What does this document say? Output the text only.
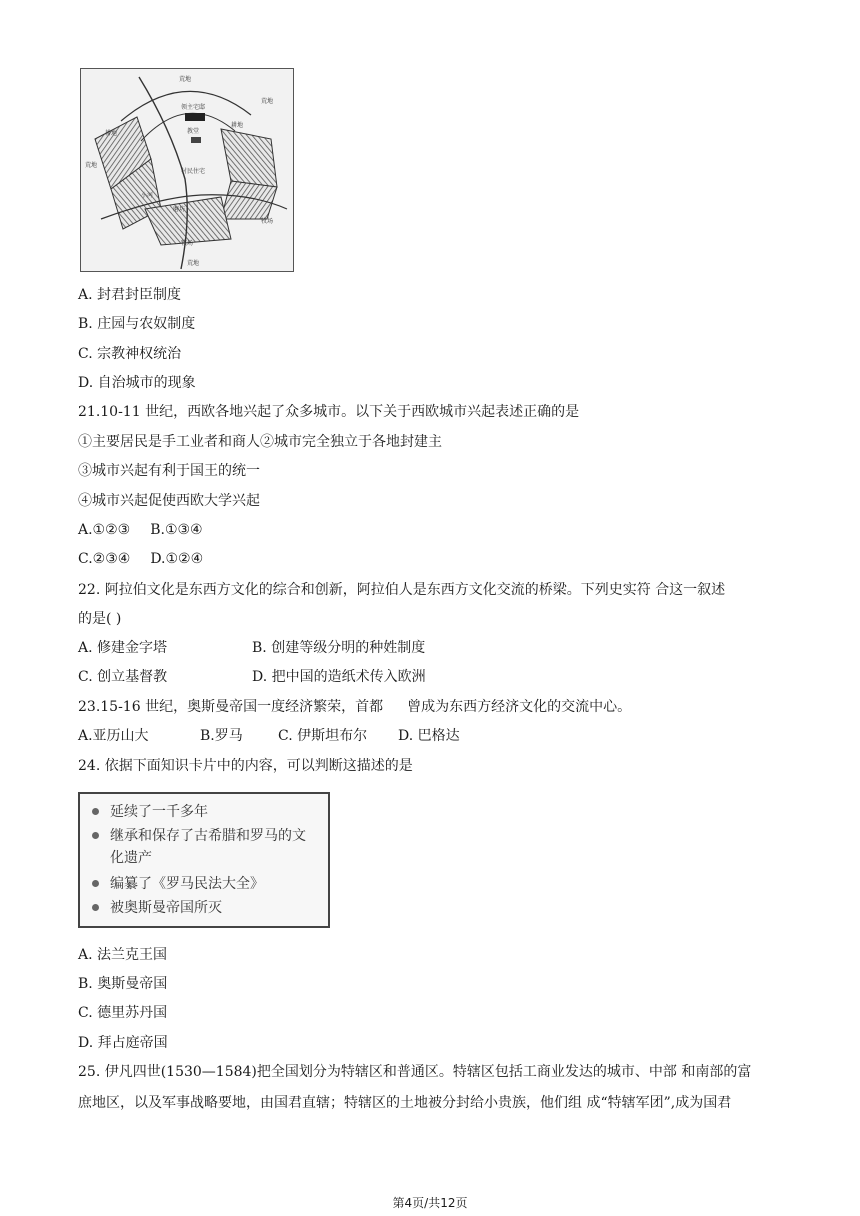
荒地
荒地
荒地
牧场
荒地
牧场
领主宅邸
教堂
耕地
耕地
村民住宅
小河
磨坊
A. 封君封臣制度
B. 庄园与农奴制度
C. 宗教神权统治
D. 自治城市的现象
21.10-11 世纪，西欧各地兴起了众多城市。以下关于西欧城市兴起表述正确的是
①主要居民是手工业者和商人②城市完全独立于各地封建主
③城市兴起有利于国王的统一
④城市兴起促使西欧大学兴起
A.①②③ B.①③④
C.②③④ D.①②④
22. 阿拉伯文化是东西方文化的综合和创新，阿拉伯人是东西方文化交流的桥梁。下列史实符 合这一叙述
的是( )
A. 修建金字塔	B. 创建等级分明的种姓制度
C. 创立基督教	D. 把中国的造纸术传入欧洲
23.15-16 世纪，奥斯曼帝国一度经济繁荣，首都 曾成为东西方经济文化的交流中心。
A.亚历山大	B.罗马	C. 伊斯坦布尔 D. 巴格达
24. 依据下面知识卡片中的内容，可以判断这描述的是
延续了一千多年
继承和保存了古希腊和罗马的文
化遗产
编纂了《罗马民法大全》
被奥斯曼帝国所灭
A. 法兰克王国
B. 奥斯曼帝国
C. 德里苏丹国
D. 拜占庭帝国
25. 伊凡四世(1530—1584)把全国划分为特辖区和普通区。特辖区包括工商业发达的城市、中部 和南部的富
庶地区，以及军事战略要地，由国君直辖；特辖区的土地被分封给小贵族，他们组 成“特辖军团”,成为国君
第4页/共12页
